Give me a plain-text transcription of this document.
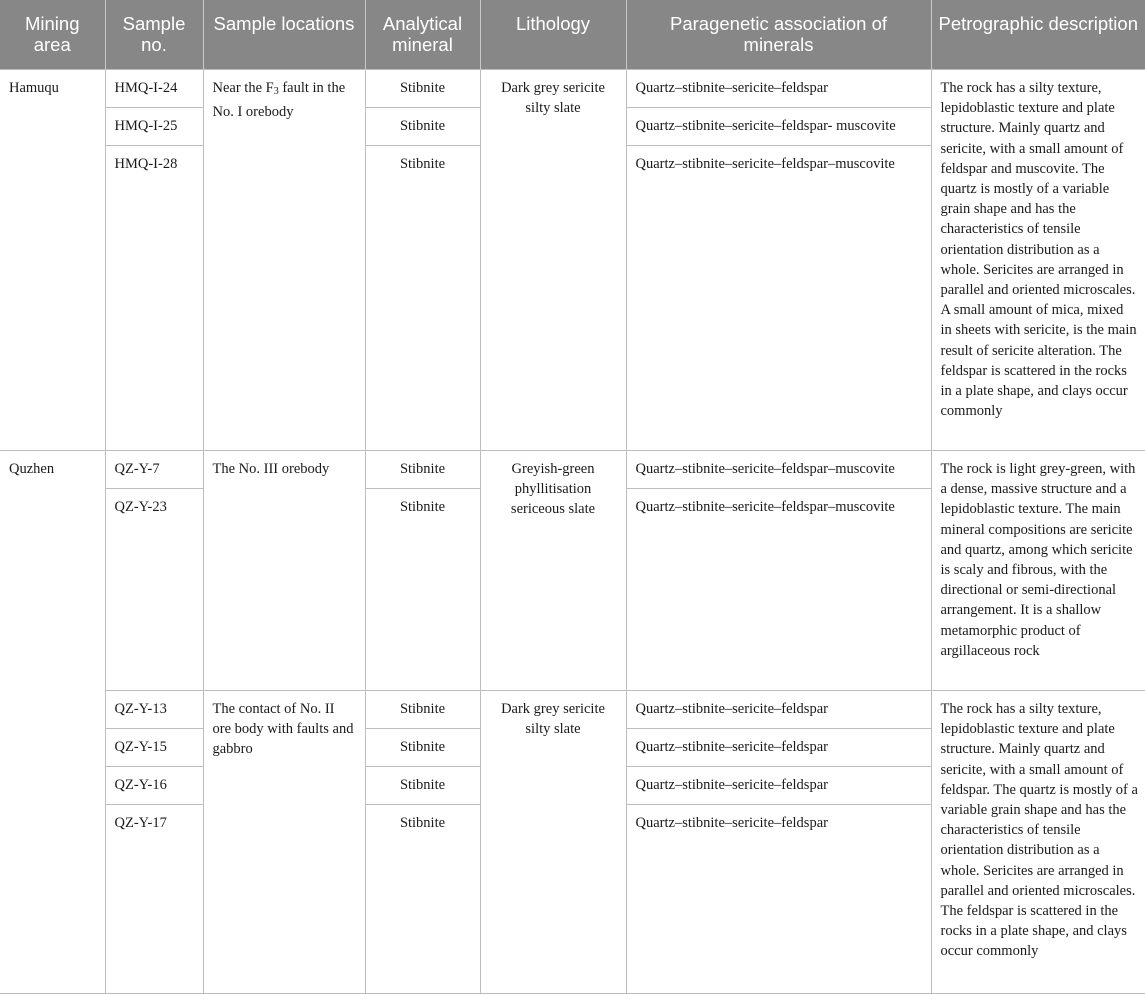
Mining area	Sample no.	Sample locations	Analytical mineral	Lithology	Paragenetic association of minerals	Petrographic description
Hamuqu	HMQ-I-24	Near the $F_3$ fault in the No. I orebody	Stibnite	Dark grey sericite silty slate	Quartz–stibnite–sericite–feldspar	The rock has a silty texture, lepidoblastic texture and plate structure. Mainly quartz and sericite, with a small amount of feldspar and muscovite. The quartz is mostly of a variable grain shape and has the characteristics of tensile orientation distribution as a whole. Sericites are arranged in parallel and oriented microscales. A small amount of mica, mixed in sheets with sericite, is the main result of sericite alteration. The feldspar is scattered in the rocks in a plate shape, and clays occur commonly
	HMQ-I-25		Stibnite		Quartz–stibnite–sericite–feldspar- muscovite	
	HMQ-I-28		Stibnite		Quartz–stibnite–sericite–feldspar–muscovite	
Quzhen	QZ-Y-7	The No. III orebody	Stibnite	Greyish-green phyllitisation sericeous slate	Quartz–stibnite–sericite–feldspar–muscovite	The rock is light grey-green, with a dense, massive structure and a lepidoblastic texture. The main mineral compositions are sericite and quartz, among which sericite is scaly and fibrous, with the directional or semi-directional arrangement. It is a shallow metamorphic product of argillaceous rock
	QZ-Y-23		Stibnite		Quartz–stibnite–sericite–feldspar–muscovite	
	QZ-Y-13	The contact of No. II ore body with faults and gabbro	Stibnite	Dark grey sericite silty slate	Quartz–stibnite–sericite–feldspar	The rock has a silty texture, lepidoblastic texture and plate structure. Mainly quartz and sericite, with a small amount of feldspar. The quartz is mostly of a variable grain shape and has the characteristics of tensile orientation distribution as a whole. Sericites are arranged in parallel and oriented microscales. The feldspar is scattered in the rocks in a plate shape, and clays occur commonly
	QZ-Y-15		Stibnite		Quartz–stibnite–sericite–feldspar	
	QZ-Y-16		Stibnite		Quartz–stibnite–sericite–feldspar	
	QZ-Y-17		Stibnite		Quartz–stibnite–sericite–feldspar	
